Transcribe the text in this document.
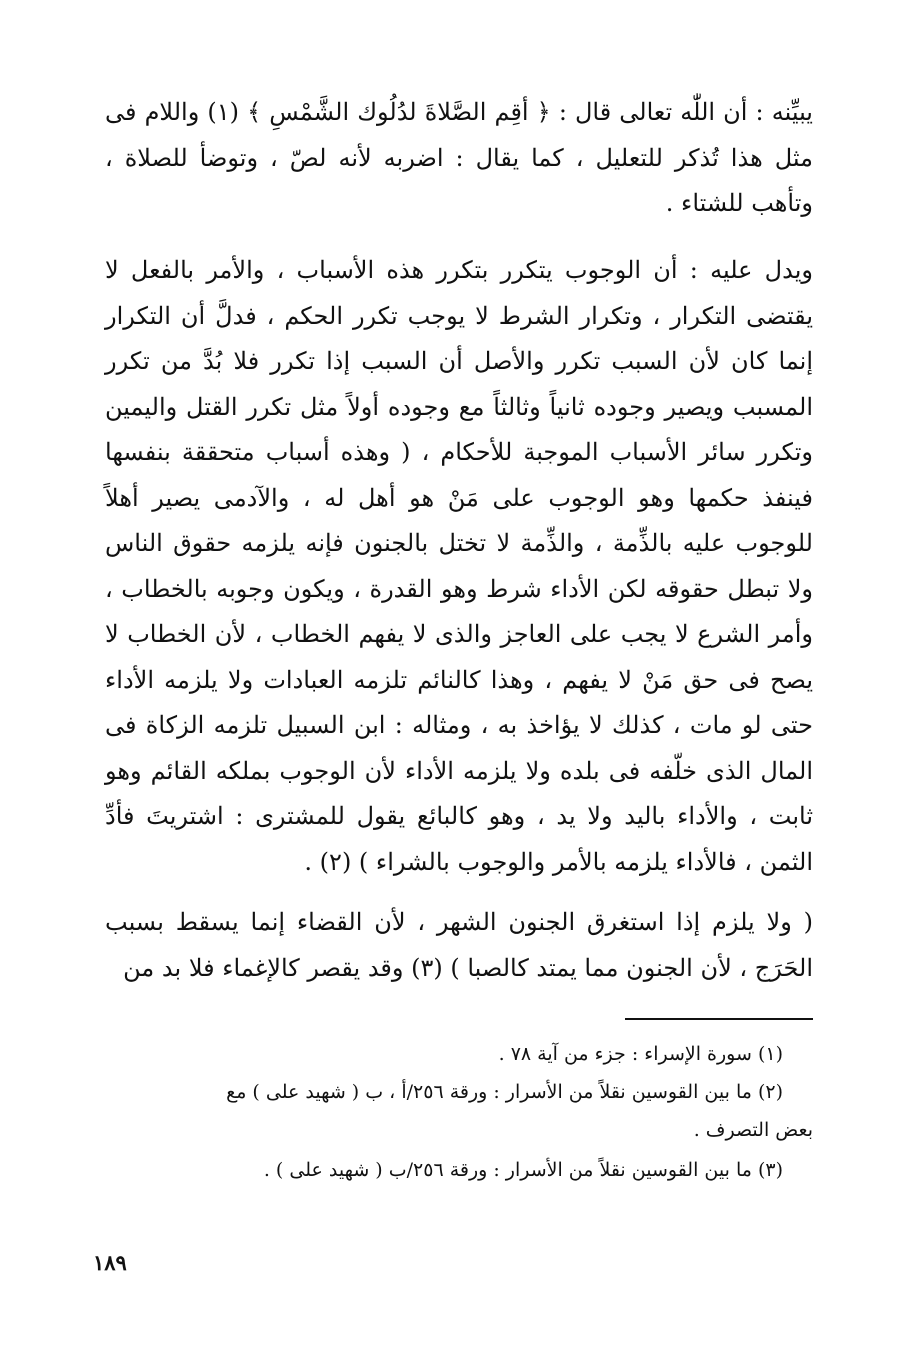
يبيِّنه : أن اللّٰه تعالى قال : ﴿ أقِم الصَّلاةَ لدُلُوك الشَّمْسِ ﴾ (١) واللام فى مثل هذا تُذكر للتعليل ، كما يقال : اضربه لأنه لصّ ، وتوضأ للصلاة ، وتأهب للشتاء .

ويدل عليه : أن الوجوب يتكرر بتكرر هذه الأسباب ، والأمر بالفعل لا يقتضى التكرار ، وتكرار الشرط لا يوجب تكرر الحكم ، فدلَّ أن التكرار إنما كان لأن السبب تكرر والأصل أن السبب إذا تكرر فلا بُدَّ من تكرر المسبب ويصير وجوده ثانياً وثالثاً مع وجوده أولاً مثل تكرر القتل واليمين وتكرر سائر الأسباب الموجبة للأحكام ، ( وهذه أسباب متحققة بنفسها فينفذ حكمها وهو الوجوب على مَنْ هو أهل له ، والآدمى يصير أهلاً للوجوب عليه بالذِّمة ، والذِّمة لا تختل بالجنون فإنه يلزمه حقوق الناس ولا تبطل حقوقه لكن الأداء شرط وهو القدرة ، ويكون وجوبه بالخطاب ، وأمر الشرع لا يجب على العاجز والذى لا يفهم الخطاب ، لأن الخطاب لا يصح فى حق مَنْ لا يفهم ، وهذا كالنائم تلزمه العبادات ولا يلزمه الأداء حتى لو مات ، كذلك لا يؤاخذ به ، ومثاله : ابن السبيل تلزمه الزكاة فى المال الذى خلّفه فى بلده ولا يلزمه الأداء لأن الوجوب بملكه القائم وهو ثابت ، والأداء باليد ولا يد ، وهو كالبائع يقول للمشترى : اشتريتَ فأدِّ الثمن ، فالأداء يلزمه بالأمر والوجوب بالشراء ) (٢) .

( ولا يلزم إذا استغرق الجنون الشهر ، لأن القضاء إنما يسقط بسبب الحَرَج ، لأن الجنون مما يمتد كالصبا ) (٣) وقد يقصر كالإغماء فلا بد من

(١) سورة الإسراء : جزء من آية ٧٨ .

(٢) ما بين القوسين نقلاً من الأسرار : ورقة ٢٥٦/أ ، ب ( شهيد على ) مع

بعض التصرف .

(٣) ما بين القوسين نقلاً من الأسرار : ورقة ٢٥٦/ب ( شهيد على ) .

١٨٩
